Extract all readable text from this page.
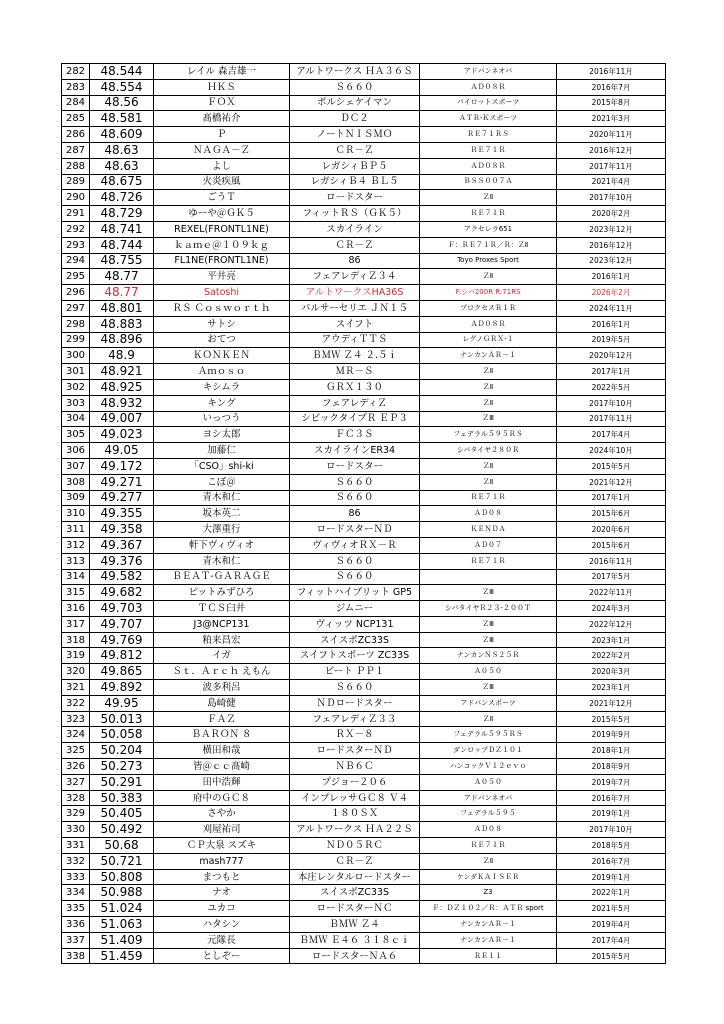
282	48.544	レイル 森吉雄一	アルトワークス ＨＡ３６Ｓ	アドバンネオバ	2016年11月
283	48.554	ＨＫＳ	Ｓ６６０	ＡＤ０８Ｒ	2016年7月
284	48.56	ＦＯＸ	ポルシェケイマン	パイロットスポーツ	2015年8月
285	48.581	髙橋祐介	ＤＣ２	ＡＴＲ-Ｋスポーツ	2021年3月
286	48.609	Ｐ	ノートＮＩＳＭＯ	ＲＥ７１ＲＳ	2020年11月
287	48.63	ＮＡＧＡ－Ｚ	ＣＲ－Ｚ	ＲＥ７１Ｒ	2016年12月
288	48.63	よし	レガシィＢＰ５	ＡＤ０８Ｒ	2017年11月
289	48.675	火炎疾風	レガシィＢ４ ＢＬ５	ＢＳＳ００７Ａ	2021年4月
290	48.726	ごうＴ	ロードスター	ＺⅡ	2017年10月
291	48.729	ゆーや＠ＧＫ５	フィットＲＳ（ＧＫ５）	ＲＥ７１Ｒ	2020年2月
292	48.741	REXEL(FRONTL1NE)	スカイライン	アクセレラ651	2023年12月
293	48.744	ｋａｍｅ＠１０９ｋｇ	ＣＲ－Ｚ	Ｆ：ＲＥ７１Ｒ／Ｒ：ＺⅡ	2016年12月
294	48.755	FL1NE(FRONTL1NE)	86	Toyo Proxes Sport	2023年12月
295	48.77	平井亮	フェアレディＺ３４	ＺⅡ	2016年1月
296	48.77	Satoshi	アルトワークスHA36S	F:シバ200R R:71RS	2026年2月
297	48.801	ＲＳ Ｃｏｓｗｏｒｔｈ	パルサーセリエ ＪＮ１５	プロクセスＲ１Ｒ	2024年11月
298	48.883	サトシ	スイフト	ＡＤ０８Ｒ	2016年1月
299	48.896	おてつ	アウディＴＴＳ	レグノＧＲＸ-１	2019年5月
300	48.9	ＫＯＮＫＥＮ	ＢＭＷ Ｚ４ ２.５ｉ	ナンカンＡＲ－１	2020年12月
301	48.921	Ａｍｏｓｏ	ＭＲ－Ｓ	ＺⅡ	2017年1月
302	48.925	キシムラ	ＧＲＸ１３０	ＺⅡ	2022年5月
303	48.932	キング	フェアレディＺ	ＺⅡ	2017年10月
304	49.007	いっつう	シビックタイプＲ ＥＰ３	ＺⅢ	2017年11月
305	49.023	ヨシ太郎	ＦＣ３Ｓ	フェデラル５９５ＲＳ	2017年4月
306	49.05	加藤仁	スカイラインER34	シバタイヤ２８０Ｒ	2024年10月
307	49.172	「CSO」shi-ki	ロードスター	ＺⅡ	2015年5月
308	49.271	こぼ＠	Ｓ６６０	ＺⅡ	2021年12月
309	49.277	青木和仁	Ｓ６６０	ＲＥ７１Ｒ	2017年1月
310	49.355	坂本英二	86	ＡＤ０８	2015年6月
311	49.358	大澤重行	ロードスターＮＤ	ＫＥＮＤＡ	2020年6月
312	49.367	軒下ヴィヴィオ	ヴィヴィオＲＸ－Ｒ	ＡＤ０７	2015年6月
313	49.376	青木和仁	Ｓ６６０	ＲＥ７１Ｒ	2016年11月
314	49.582	ＢＥＡＴ-ＧＡＲＡＧＥ	Ｓ６６０		2017年5月
315	49.682	ピットみずひろ	フィットハイブリット GP5	ＺⅢ	2022年11月
316	49.703	ＴＣＳ臼井	ジムニー	シバタイヤＲ２３-２００Ｔ	2024年3月
317	49.707	J3@NCP131	ヴィッツ NCP131	ＺⅢ	2022年12月
318	49.769	粕来昌宏	スイスポZC33S	ＺⅢ	2023年1月
319	49.812	イガ	スイフトスポーツ ZC33S	ナンカンＮＳ２５Ｒ	2022年2月
320	49.865	Ｓｔ．Ａｒｃｈ えもん	ビート ＰＰ１	Ａ０５０	2020年3月
321	49.892	波多利呂	Ｓ６６０	ＺⅢ	2023年1月
322	49.95	島崎健	ＮＤロードスター	アドバンスポーツ	2021年12月
323	50.013	ＦＡＺ	フェアレディＺ３３	ＺⅡ	2015年5月
324	50.058	ＢＡＲＯＮ ８	ＲＸ－８	フェデラル５９５ＲＳ	2019年9月
325	50.204	横田和哉	ロードスターＮＤ	ダンロップＤＺ１０１	2018年1月
326	50.273	皆＠ｃｃ髙崎	ＮＢ６Ｃ	ハンコックＶ１２ｅｖｏ	2018年9月
327	50.291	田中浩輝	プジョー２０６	Ａ０５０	2019年7月
328	50.383	府中のＧＣ８	インプレッサＧＣ８ Ｖ４	アドバンネオバ	2016年7月
329	50.405	さやか	１８０ＳＸ	フェデラル５９５	2019年1月
330	50.492	刈屋祐司	アルトワークス ＨＡ２２Ｓ	ＡＤ０８	2017年10月
331	50.68	ＣＰ大泉 スズキ	ＮＤ０５ＲＣ	ＲＥ７１Ｒ	2018年5月
332	50.721	mash777	ＣＲ－Ｚ	ＺⅡ	2016年7月
333	50.808	まつもと	本庄レンタルロードスター	ケンダＫＡＩＳＥＲ	2019年1月
334	50.988	ナオ	スイスポZC33S	Z3	2022年1月
335	51.024	ユカコ	ロードスターＮＣ	Ｆ：ＤＺ１０２／Ｒ：ＡＴＲ sport	2021年5月
336	51.063	ハタシン	ＢＭＷ Ｚ４	ナンカンＡＲ－１	2019年4月
337	51.409	元隊長	ＢＭＷ Ｅ４６ ３１８ｃｉ	ナンカンＡＲ－１	2017年4月
338	51.459	としぞー	ロードスターＮＡ６	ＲＥ１１	2015年5月
